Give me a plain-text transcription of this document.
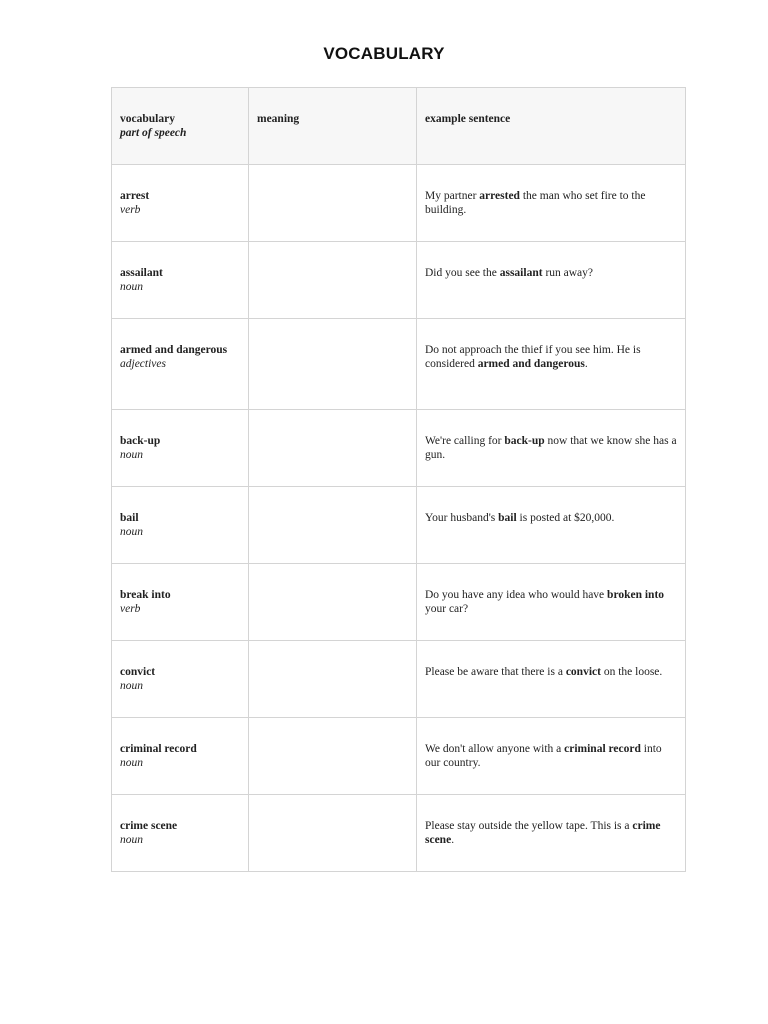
VOCABULARY
vocabulary
part of speech	meaning	example sentence

arrest
verb		My partner arrested the man who set fire to the building.

assailant
noun		Did you see the assailant run away?

armed and dangerous
adjectives		Do not approach the thief if you see him. He is considered armed and dangerous.

back-up
noun		We're calling for back-up now that we know she has a gun.

bail
noun		Your husband's bail is posted at $20,000.

break into
verb		Do you have any idea who would have broken into your car?

convict
noun		Please be aware that there is a convict on the loose.

criminal record
noun		We don't allow anyone with a criminal record into our country.

crime scene
noun		Please stay outside the yellow tape. This is a crime scene.
